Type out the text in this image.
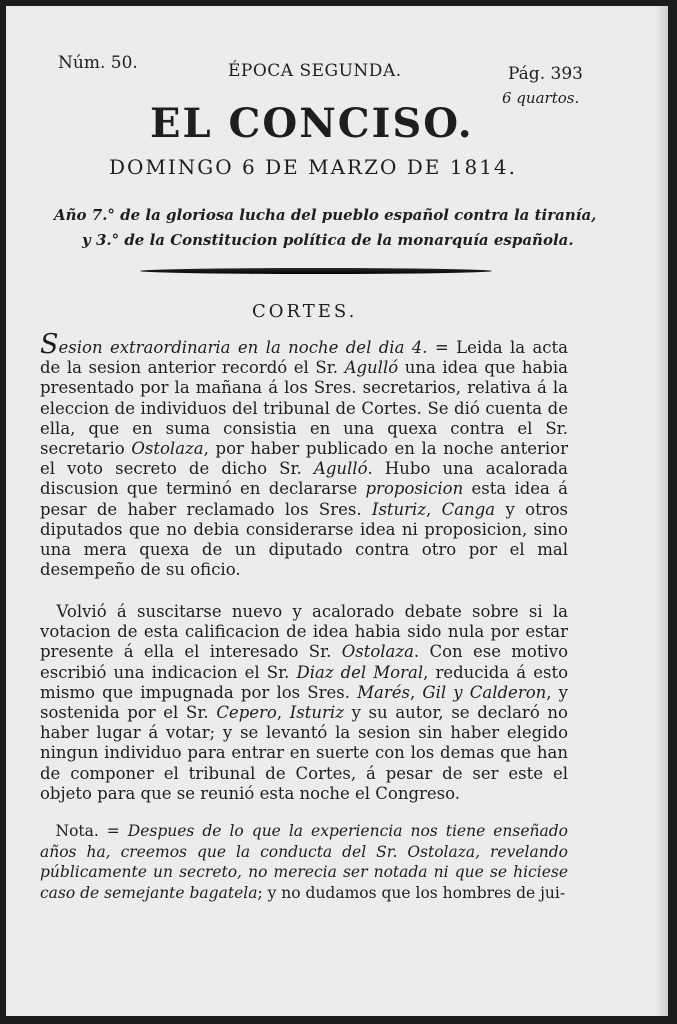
Núm. 50.	ÉPOCA SEGUNDA.	Pág. 393
6 quartos.
EL CONCISO.
DOMINGO 6 DE MARZO DE 1814.
Año 7.° de la gloriosa lucha del pueblo español contra la tiranía,
y 3.° de la Constitucion política de la monarquía española.
CORTES.

Sesion extraordinaria en la noche del dia 4. = Leida la acta de la sesion anterior recordó el Sr. Agulló una idea que habia presentado por la mañana á los Sres. secretarios, relativa á la eleccion de individuos del tribunal de Cortes. Se dió cuenta de ella, que en suma consistia en una quexa contra el Sr. secretario Ostolaza, por haber publicado en la noche anterior el voto secreto de dicho Sr. Agulló. Hubo una acalorada discusion que terminó en declararse proposicion esta idea á pesar de haber reclamado los Sres. Isturiz, Canga y otros diputados que no debia considerarse idea ni proposicion, sino una mera quexa de un diputado contra otro por el mal desempeño de su oficio.

 Volvió á suscitarse nuevo y acalorado debate sobre si la votacion de esta calificacion de idea habia sido nula por estar presente á ella el interesado Sr. Ostolaza. Con ese motivo escribió una indicacion el Sr. Diaz del Moral, reducida á esto mismo que impugnada por los Sres. Marés, Gil y Calderon, y sostenida por el Sr. Cepero, Isturiz y su autor, se declaró no haber lugar á votar; y se levantó la sesion sin haber elegido ningun individuo para entrar en suerte con los demas que han de componer el tribunal de Cortes, á pesar de ser este el objeto para que se reunió esta noche el Congreso.

 Nota. = Despues de lo que la experiencia nos tiene enseñado años ha, creemos que la conducta del Sr. Ostolaza, revelando públicamente un secreto, no merecia ser notada ni que se hiciese caso de semejante bagatela; y no dudamos que los hombres de jui-
